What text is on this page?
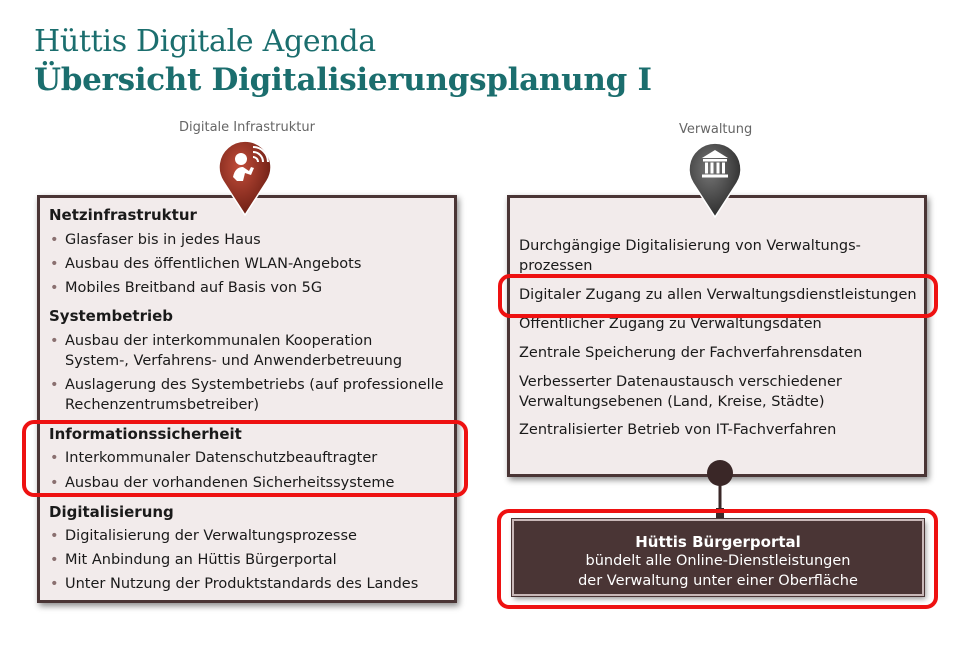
Hüttis Digitale Agenda
Übersicht Digitalisierungsplanung I
Digitale Infrastruktur	Verwaltung
Netzinfrastruktur
• Glasfaser bis in jedes Haus
• Ausbau des öffentlichen WLAN-Angebots
• Mobiles Breitband auf Basis von 5G
Systembetrieb
• Ausbau der interkommunalen Kooperation
System-, Verfahrens- und Anwenderbetreuung
• Auslagerung des Systembetriebs (auf professionelle
Rechenzentrumsbetreiber)
Informationssicherheit
• Interkommunaler Datenschutzbeauftragter
• Ausbau der vorhandenen Sicherheitssysteme
Digitalisierung
• Digitalisierung der Verwaltungsprozesse
• Mit Anbindung an Hüttis Bürgerportal
• Unter Nutzung der Produktstandards des Landes
Durchgängige Digitalisierung von Verwaltungs-
prozessen
Digitaler Zugang zu allen Verwaltungsdienstleistungen
Öffentlicher Zugang zu Verwaltungsdaten
Zentrale Speicherung der Fachverfahrensdaten
Verbesserter Datenaustausch verschiedener
Verwaltungsebenen (Land, Kreise, Städte)
Zentralisierter Betrieb von IT-Fachverfahren
Hüttis Bürgerportal
bündelt alle Online-Dienstleistungen
der Verwaltung unter einer Oberfläche
